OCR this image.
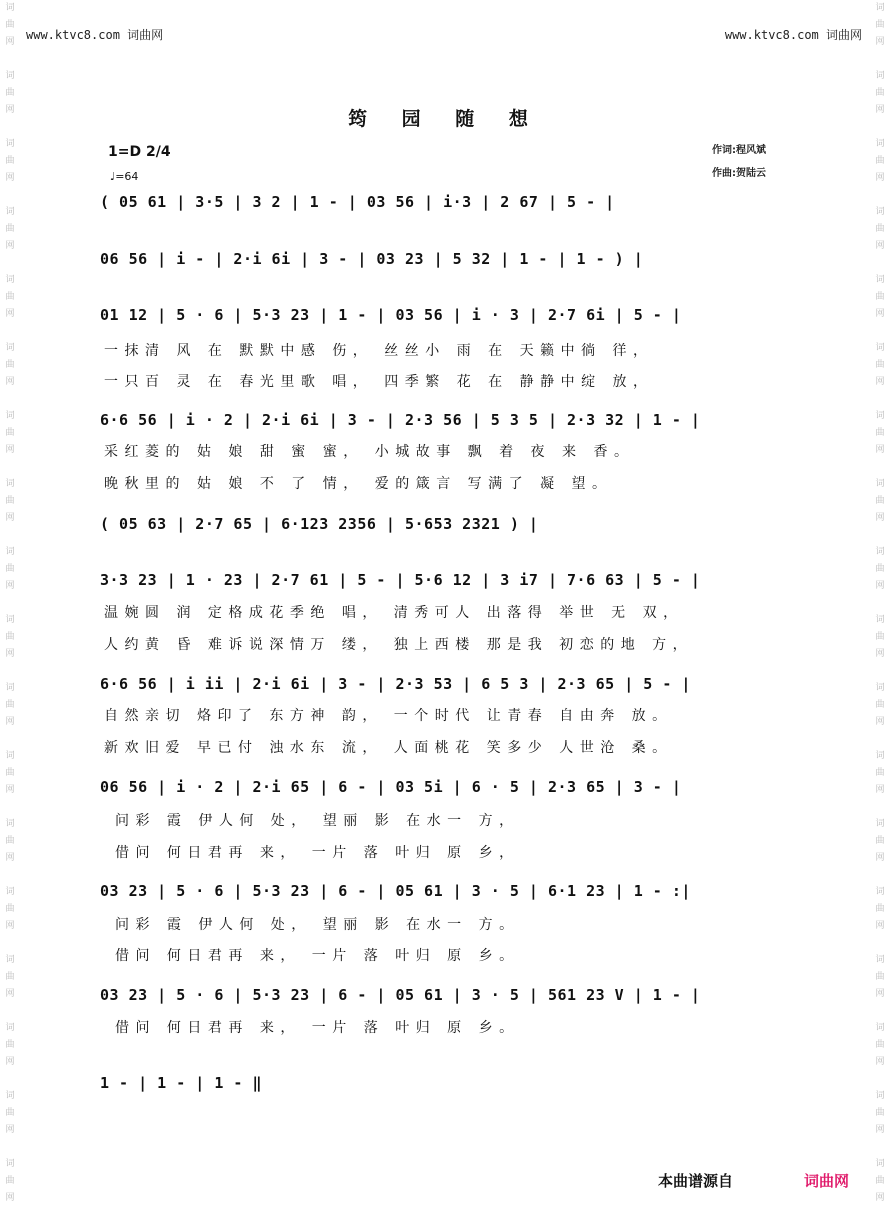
词
曲
网

词
曲
网

词
曲
网

词
曲
网

词
曲
网

词
曲
网

词
曲
网

词
曲
网

词
曲
网

词
曲
网

词
曲
网

词
曲
网

词
曲
网

词
曲
网

词
曲
网

词
曲
网

词
曲
网

词
曲
网
词
曲
网

词
曲
网

词
曲
网

词
曲
网

词
曲
网

词
曲
网

词
曲
网

词
曲
网

词
曲
网

词
曲
网

词
曲
网

词
曲
网

词
曲
网

词
曲
网

词
曲
网

词
曲
网

词
曲
网

词
曲
网
www.ktvc8.com 词曲网	www.ktvc8.com 词曲网
筠 园 随 想
1=D 2/4
♩=64
作词:程风斌
作曲:贺陆云
( 05 61 | 3·5 | 3 2 | 1 - | 03 56 | i·3 | 2 67 | 5 - |
06 56 | i - | 2·i 6i | 3 - | 03 23 | 5 32 | 1 - | 1 - ) |
01 12 | 5 · 6 | 5·3 23 | 1 - | 03 56 | i · 3 | 2·7 6i | 5 - |
一抹清 风 在 默默中感 伤， 丝丝小 雨 在 天籁中徜 徉，
一只百 灵 在 春光里歌 唱， 四季繁 花 在 静静中绽 放，
6·6 56 | i · 2 | 2·i 6i | 3 - | 2·3 56 | 5 3 5 | 2·3 32 | 1 - |
采红菱的 姑 娘 甜 蜜 蜜， 小城故事 飘 着 夜 来 香。
晚秋里的 姑 娘 不 了 情， 爱的箴言 写满了 凝 望。
( 05 63 | 2·7 65 | 6·123 2356 | 5·653 2321 ) |
3·3 23 | 1 · 23 | 2·7 61 | 5 - | 5·6 12 | 3 i7 | 7·6 63 | 5 - |
温婉圆 润 定格成花季绝 唱， 清秀可人 出落得 举世 无 双，
人约黄 昏 难诉说深情万 缕， 独上西楼 那是我 初恋的地 方，
6·6 56 | i ii | 2·i 6i | 3 - | 2·3 53 | 6 5 3 | 2·3 65 | 5 - |
自然亲切 烙印了 东方神 韵， 一个时代 让青春 自由奔 放。
新欢旧爱 早已付 浊水东 流， 人面桃花 笑多少 人世沧 桑。
06 56 | i · 2 | 2·i 65 | 6 - | 03 5i | 6 · 5 | 2·3 65 | 3 - |
问彩 霞 伊人何 处， 望丽 影 在水一 方，
借问 何日君再 来， 一片 落 叶归 原 乡，
03 23 | 5 · 6 | 5·3 23 | 6 - | 05 61 | 3 · 5 | 6·1 23 | 1 - :|
问彩 霞 伊人何 处， 望丽 影 在水一 方。
借问 何日君再 来， 一片 落 叶归 原 乡。
03 23 | 5 · 6 | 5·3 23 | 6 - | 05 61 | 3 · 5 | 561 23 V | 1 - |
借问 何日君再 来， 一片 落 叶归 原 乡。
1 - | 1 - | 1 - ‖
本曲谱源自	词曲网
